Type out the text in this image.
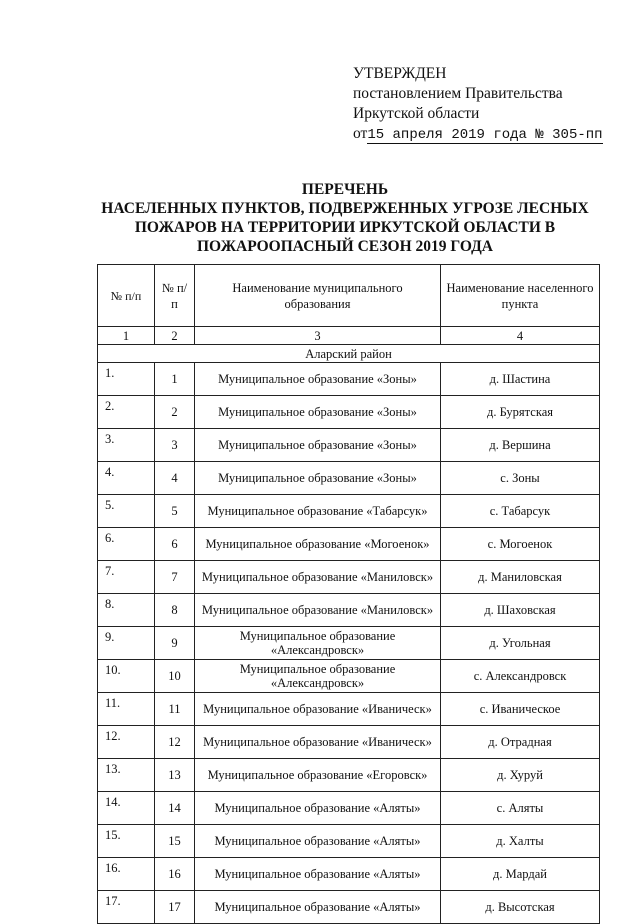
УТВЕРЖДЕН
постановлением Правительства
Иркутской области
от15 апреля 2019 года № 305-пп
ПЕРЕЧЕНЬ
НАСЕЛЕННЫХ ПУНКТОВ, ПОДВЕРЖЕННЫХ УГРОЗЕ ЛЕСНЫХ ПОЖАРОВ НА ТЕРРИТОРИИ ИРКУТСКОЙ ОБЛАСТИ В ПОЖАРООПАСНЫЙ СЕЗОН 2019 ГОДА
№ п/п	№ п/п	Наименование муниципального образования	Наименование населенного пункта
1	2	3	4
Аларский район			
1.	1	Муниципальное образование «Зоны»	д. Шастина
2.	2	Муниципальное образование «Зоны»	д. Бурятская
3.	3	Муниципальное образование «Зоны»	д. Вершина
4.	4	Муниципальное образование «Зоны»	с. Зоны
5.	5	Муниципальное образование «Табарсук»	с. Табарсук
6.	6	Муниципальное образование «Могоенок»	с. Могоенок
7.	7	Муниципальное образование «Маниловск»	д. Маниловская
8.	8	Муниципальное образование «Маниловск»	д. Шаховская
9.	9	Муниципальное образование «Александровск»	д. Угольная
10.	10	Муниципальное образование «Александровск»	с. Александровск
11.	11	Муниципальное образование «Иваническ»	с. Иваническое
12.	12	Муниципальное образование «Иваническ»	д. Отрадная
13.	13	Муниципальное образование «Егоровск»	д. Хуруй
14.	14	Муниципальное образование «Аляты»	с. Аляты
15.	15	Муниципальное образование «Аляты»	д. Халты
16.	16	Муниципальное образование «Аляты»	д. Мардай
17.	17	Муниципальное образование «Аляты»	д. Высотская
